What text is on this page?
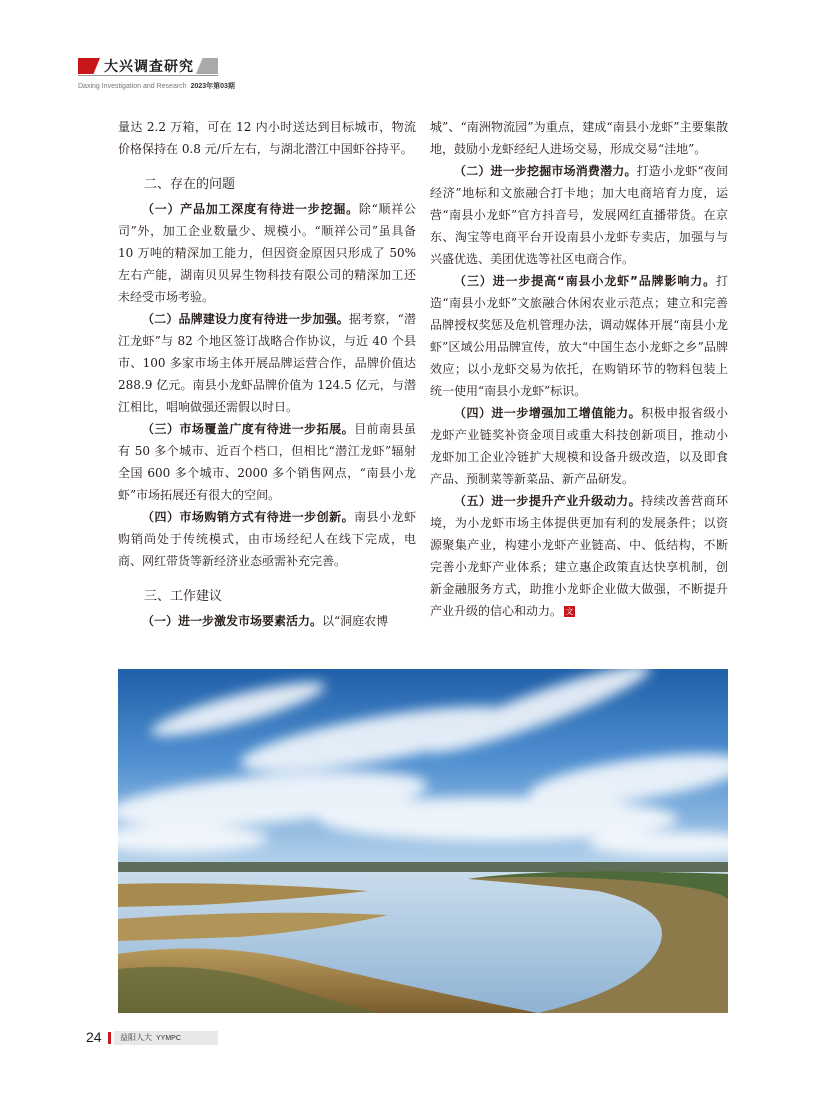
大兴调查研究
Daxing Investigation and Research 2023年第03期

量达 2.2 万箱，可在 12 内小时送达到目标城市，物流价格保持在 0.8 元/斤左右，与湖北潜江中国虾谷持平。

二、存在的问题

（一）产品加工深度有待进一步挖掘。除“顺祥公司”外，加工企业数量少、规模小。“顺祥公司”虽具备 10 万吨的精深加工能力，但因资金原因只形成了 50%左右产能，湖南贝贝昇生物科技有限公司的精深加工还未经受市场考验。

（二）品牌建设力度有待进一步加强。据考察，“潜江龙虾”与 82 个地区签订战略合作协议，与近 40 个县市、100 多家市场主体开展品牌运营合作，品牌价值达 288.9 亿元。南县小龙虾品牌价值为 124.5 亿元，与潜江相比，唱响做强还需假以时日。

（三）市场覆盖广度有待进一步拓展。目前南县虽有 50 多个城市、近百个档口，但相比“潜江龙虾”辐射全国 600 多个城市、2000 多个销售网点，“南县小龙虾”市场拓展还有很大的空间。

（四）市场购销方式有待进一步创新。南县小龙虾购销尚处于传统模式，由市场经纪人在线下完成，电商、网红带货等新经济业态亟需补充完善。

三、工作建议

（一）进一步激发市场要素活力。以“洞庭农博

城”、“南洲物流园”为重点，建成“南县小龙虾”主要集散地，鼓励小龙虾经纪人进场交易，形成交易“洼地”。

（二）进一步挖掘市场消费潜力。打造小龙虾“夜间经济”地标和文旅融合打卡地；加大电商培育力度，运营“南县小龙虾”官方抖音号，发展网红直播带货。在京东、淘宝等电商平台开设南县小龙虾专卖店，加强与与兴盛优选、美团优选等社区电商合作。

（三）进一步提高“南县小龙虾”品牌影响力。打造“南县小龙虾”文旅融合休闲农业示范点；建立和完善品牌授权奖惩及危机管理办法，调动媒体开展“南县小龙虾”区域公用品牌宣传，放大“中国生态小龙虾之乡”品牌效应；以小龙虾交易为依托，在购销环节的物料包装上统一使用“南县小龙虾”标识。

（四）进一步增强加工增值能力。积极申报省级小龙虾产业链奖补资金项目或重大科技创新项目，推动小龙虾加工企业冷链扩大规模和设备升级改造，以及即食产品、预制菜等新菜品、新产品研发。

（五）进一步提升产业升级动力。持续改善营商环境，为小龙虾市场主体提供更加有利的发展条件；以资源聚集产业，构建小龙虾产业链高、中、低结构，不断完善小龙虾产业体系；建立惠企政策直达快享机制，创新金融服务方式，助推小龙虾企业做大做强，不断提升产业升级的信心和动力。 文

24	益阳人大 YYMPC
